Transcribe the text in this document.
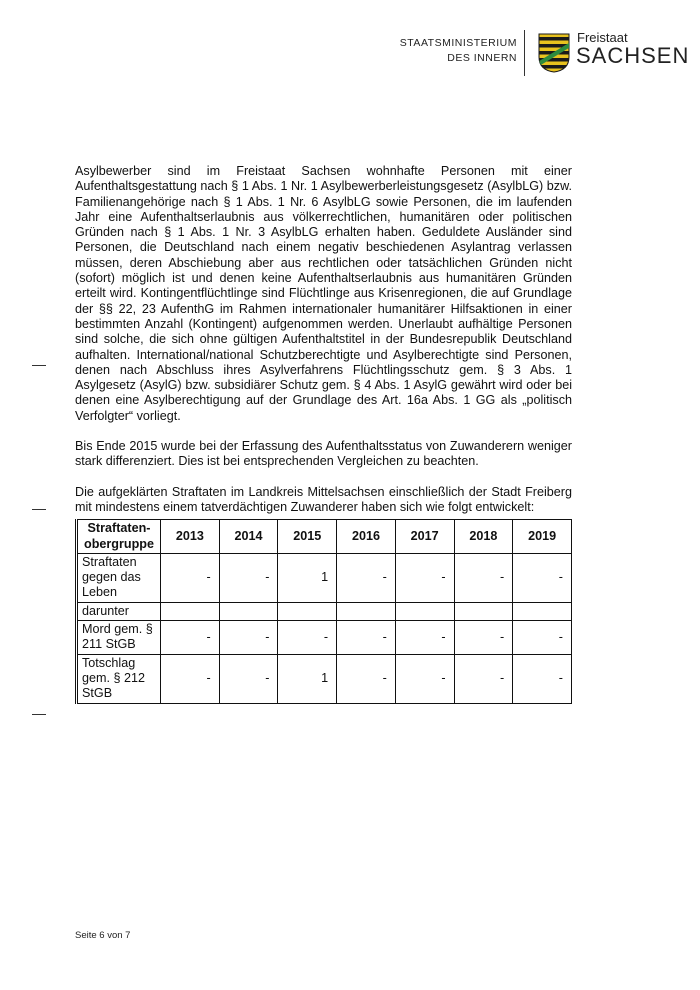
STAATSMINISTERIUM
DES INNERN
Freistaat
SACHSEN

Asylbewerber sind im Freistaat Sachsen wohnhafte Personen mit einer Aufenthaltsgestattung nach § 1 Abs. 1 Nr. 1 Asylbewerberleistungsgesetz (AsylbLG) bzw. Familienangehörige nach § 1 Abs. 1 Nr. 6 AsylbLG sowie Personen, die im laufenden Jahr eine Aufenthaltserlaubnis aus völkerrechtlichen, humanitären oder politischen Gründen nach § 1 Abs. 1 Nr. 3 AsylbLG erhalten haben. Geduldete Ausländer sind Personen, die Deutschland nach einem negativ beschiedenen Asylantrag verlassen müssen, deren Abschiebung aber aus rechtlichen oder tatsächlichen Gründen nicht (sofort) möglich ist und denen keine Aufenthaltserlaubnis aus humanitären Gründen erteilt wird. Kontingentflüchtlinge sind Flüchtlinge aus Krisenregionen, die auf Grundlage der §§ 22, 23 AufenthG im Rahmen internationaler humanitärer Hilfsaktionen in einer bestimmten Anzahl (Kontingent) aufgenommen werden. Unerlaubt aufhältige Personen sind solche, die sich ohne gültigen Aufenthaltstitel in der Bundesrepublik Deutschland aufhalten. International/national Schutzberechtigte und Asylberechtigte sind Personen, denen nach Abschluss ihres Asylverfahrens Flüchtlingsschutz gem. § 3 Abs. 1 Asylgesetz (AsylG) bzw. subsidiärer Schutz gem. § 4 Abs. 1 AsylG gewährt wird oder bei denen eine Asylberechtigung auf der Grundlage des Art. 16a Abs. 1 GG als „politisch Verfolgter“ vorliegt.

Bis Ende 2015 wurde bei der Erfassung des Aufenthaltsstatus von Zuwanderern weniger stark differenziert. Dies ist bei entsprechenden Vergleichen zu beachten.

Die aufgeklärten Straftaten im Landkreis Mittelsachsen einschließlich der Stadt Freiberg mit mindestens einem tatverdächtigen Zuwanderer haben sich wie folgt entwickelt:

Straftaten-obergruppe	2013	2014	2015	2016	2017	2018	2019
Straftaten gegen das Leben	-	-	1	-	-	-	-
darunter							
Mord gem. § 211 StGB	-	-	-	-	-	-	-
Totschlag gem. § 212 StGB	-	-	1	-	-	-	-
Seite 6 von 7
